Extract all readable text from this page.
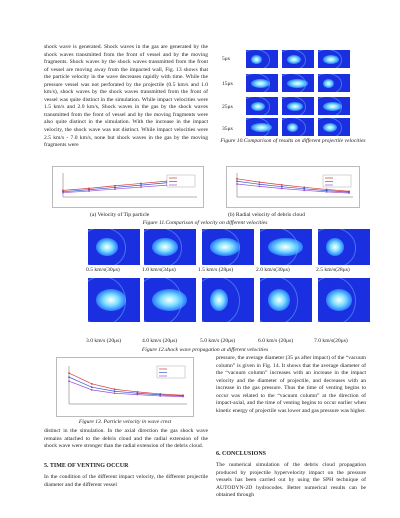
shock wave is generated. Shock waves in the gas are generated by the shock waves transmitted from the front of vessel and by the moving fragments. Shock waves by the shock waves transmitted from the front of vessel are moving away from the impacted wall, Fig. 13 shows that the particle velocity in the wave decreases rapidly with time. While the pressure vessel was not perforated by the projectile (0.5 km/s and 1.0 km/s), shock waves by the shock waves transmitted from the front of vessel was quite distinct in the simulation. While impact velocities were 1.5 km/s and 2.0 km/s, Shock waves in the gas by the shock waves transmitted from the front of vessel and by the moving fragments were also quite distinct in the simulation. With the increase in the impact velocity, the shock wave was not distinct. While impact velocities were 2.5 km/s - 7.0 km/s, none but shock waves in the gas by the moving fragments were

5μs
15μs
25μs
35μs
Figure 10.Comparison of results on different projectile velocities
(a) Velocity of Tip particle	(b) Radial velocity of debris cloud
Figure 11.Comparison of velocity on different velocities
Figure 12.shock wave propagation at different velocities
Figure 13. Particle velocity in wave crest

distinct in the simulation. In the axial direction the gas shock wave remains attached to the debris cloud and the radial extension of the shock wave were stronger than the radial extension of the debris cloud.

5. TIME OF VENTING OCCUR

In the condition of the different impact velocity, the different projectile diameter and the different vessel

pressure, the average diameter (35 μs after impact) of the “vacuum column” is given in Fig. 14. It shows that the average diameter of the “vacuum column” increases with an increase in the impact velocity and the diameter of projectile, and decreases with an increase in the gas pressure. Thus the time of venting begins to occur was related to the “vacuum column” at the direction of impact-axial, and the time of venting begins to occur earlier when kinetic energy of projectile was lower and gas pressure was higher.

6. CONCLUSIONS

The numerical simulation of the debris cloud propagation produced by projectile hypervelocity impact on the pressure vessels has been carried out by using the SPH technique of AUTODYN-2D hydrocodes. Better numerical results can be obtained through

0.5 km/s(30μs)	1.0 km/s(34μs)	1.5 km/s (28μs)	2.0 km/s(30μs)	2.5 km/s(28μs)
3.0 km/s (20μs)	4.0 km/s (20μs)	5.0 km/s (20μs)	6.0 km/s (20μs)	7.0 km/s(20μs)
